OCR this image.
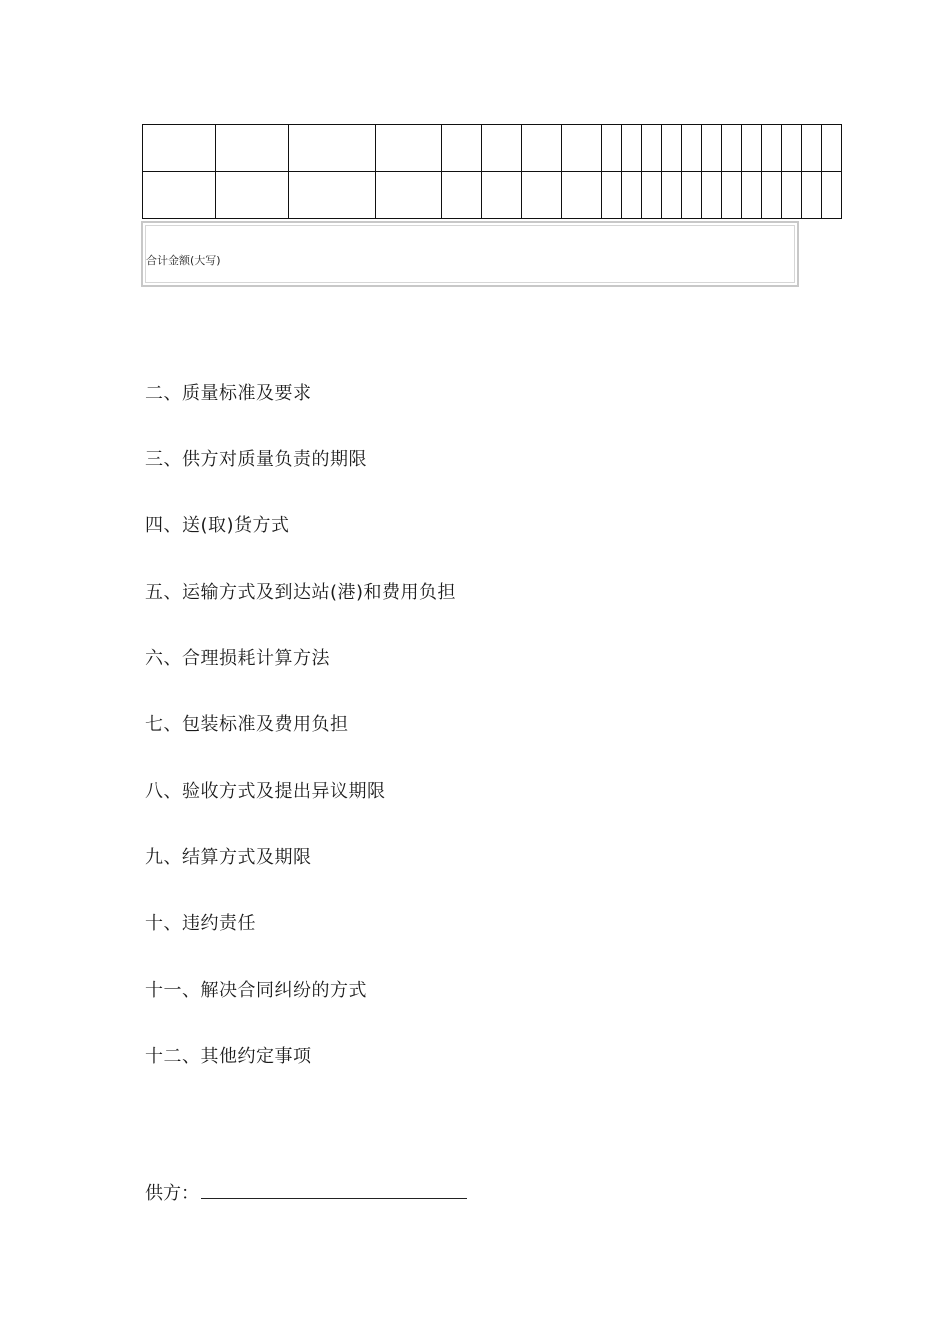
合计金额(大写)
二、质量标准及要求
三、供方对质量负责的期限
四、送(取)货方式
五、运输方式及到达站(港)和费用负担
六、合理损耗计算方法
七、包装标准及费用负担
八、验收方式及提出异议期限
九、结算方式及期限
十、违约责任
十一、解决合同纠纷的方式
十二、其他约定事项
供方：
